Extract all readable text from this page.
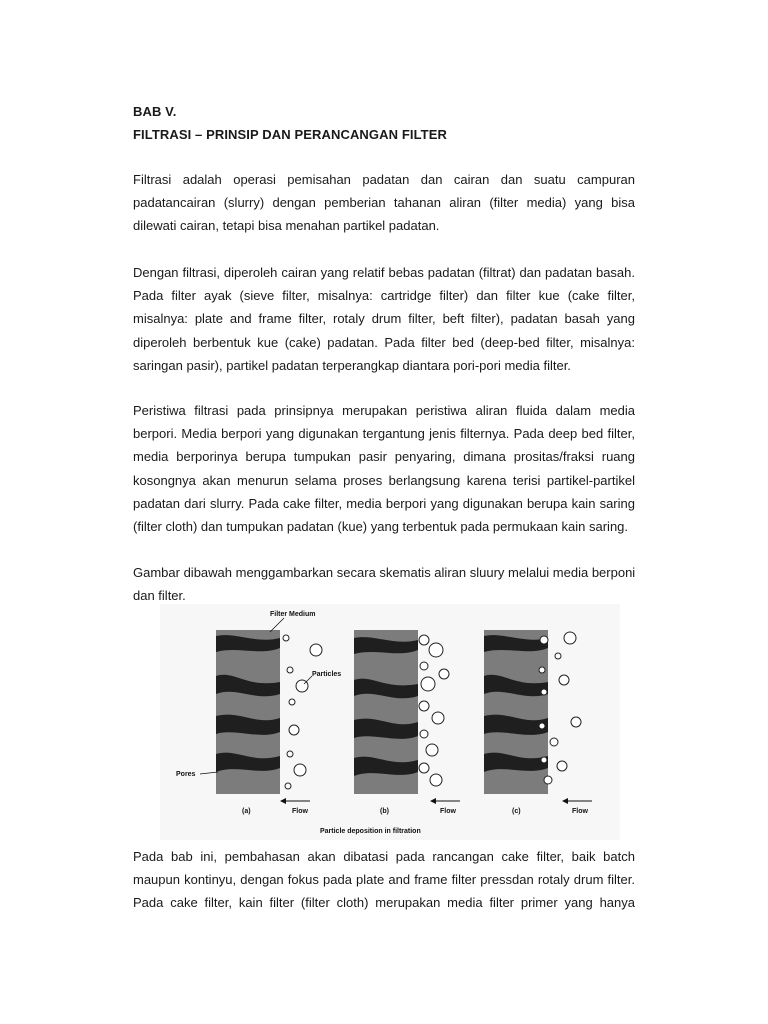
BAB V.
FILTRASI – PRINSIP DAN PERANCANGAN FILTER
Filtrasi adalah operasi pemisahan padatan dan cairan dan suatu campuran
padatancairan (slurry) dengan pemberian tahanan aliran (filter media) yang bisa
dilewati cairan, tetapi bisa menahan partikel padatan.
Dengan filtrasi, diperoleh cairan yang relatif bebas padatan (filtrat) dan padatan basah.
Pada filter ayak (sieve filter, misalnya: cartridge filter) dan filter kue (cake filter,
misalnya: plate and frame filter, rotaly drum filter, beft filter), padatan basah yang
diperoleh berbentuk kue (cake) padatan. Pada filter bed (deep-bed filter, misalnya:
saringan pasir), partikel padatan terperangkap diantara pori-pori media filter.
Peristiwa filtrasi pada prinsipnya merupakan peristiwa aliran fluida dalam media
berpori. Media berpori yang digunakan tergantung jenis filternya. Pada deep bed filter,
media berporinya berupa tumpukan pasir penyaring, dimana prositas/fraksi ruang
kosongnya akan menurun selama proses berlangsung karena terisi partikel-partikel
padatan dari slurry. Pada cake filter, media berpori yang digunakan berupa kain saring
(filter cloth) dan tumpukan padatan (kue) yang terbentuk pada permukaan kain saring.
Gambar dibawah menggambarkan secara skematis aliran sluury melalui media berponi
dan filter.
Filter Medium
Particles
Pores
(a)	Flow	(b)	Flow	(c)	Flow
Particle deposition in filtration
Pada bab ini, pembahasan akan dibatasi pada rancangan cake filter, baik batch
maupun kontinyu, dengan fokus pada plate and frame filter pressdan rotaly drum filter.
Pada cake filter, kain filter (filter cloth) merupakan media filter primer yang hanya
